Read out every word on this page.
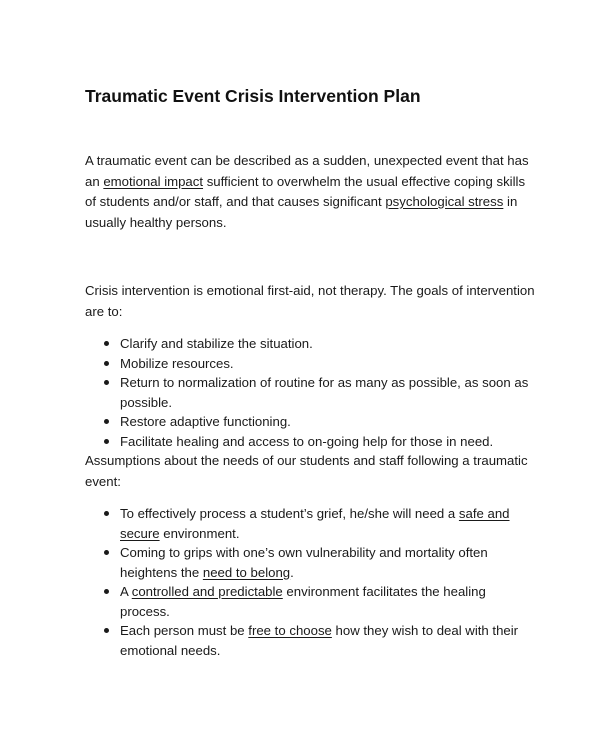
Traumatic Event Crisis Intervention Plan

A traumatic event can be described as a sudden, unexpected event that has an emotional impact sufficient to overwhelm the usual effective coping skills of students and/or staff, and that causes significant psychological stress in usually healthy persons.

Crisis intervention is emotional first-aid, not therapy. The goals of intervention are to:

Clarify and stabilize the situation.
Mobilize resources.
Return to normalization of routine for as many as possible, as soon as possible.
Restore adaptive functioning.
Facilitate healing and access to on-going help for those in need.

Assumptions about the needs of our students and staff following a traumatic event:

To effectively process a student’s grief, he/she will need a safe and secure environment.
Coming to grips with one’s own vulnerability and mortality often heightens the need to belong.
A controlled and predictable environment facilitates the healing process.
Each person must be free to choose how they wish to deal with their emotional needs.
